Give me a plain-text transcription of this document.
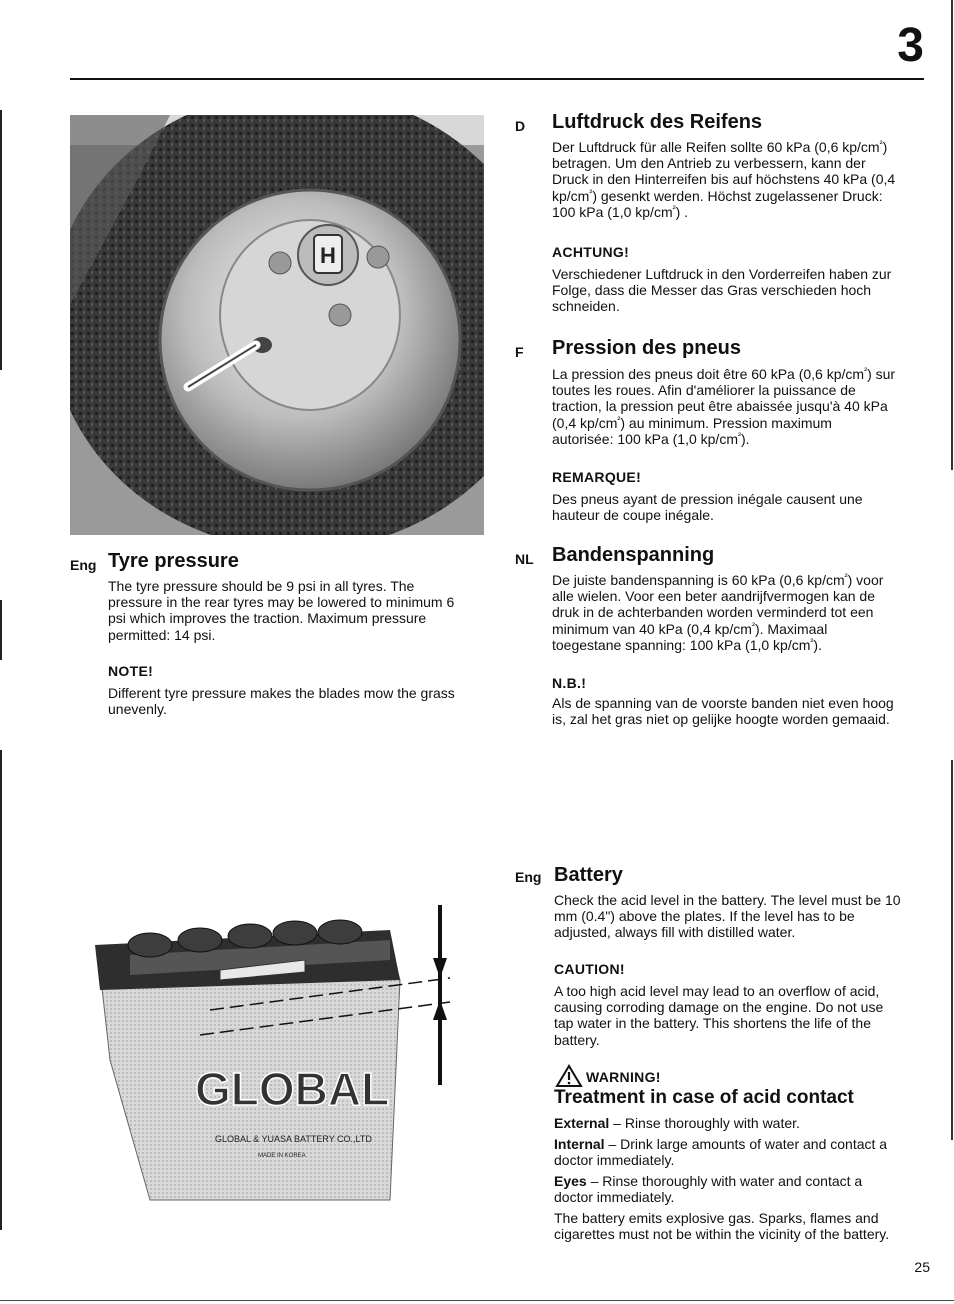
3
25
H
D Luftdruck des Reifens
Der Luftdruck für alle Reifen sollte 60 kPa (0,6 $kp/cm^{^2}$)
betragen. Um den Antrieb zu verbessern, kann der
Druck in den Hinterreifen bis auf höchstens 40 kPa (0,4
$kp/cm^{^2}$) gesenkt werden. Höchst zugelassener Druck:
100 kPa (1,0 $kp/cm^{^2}$) .
ACHTUNG!
Verschiedener Luftdruck in den Vorderreifen haben zur
Folge, dass die Messer das Gras verschieden hoch
schneiden.
F Pression des pneus
La pression des pneus doit être 60 kPa (0,6 $kp/cm^{^2}$) sur
toutes les roues. Afin d'améliorer la puissance de
traction, la pression peut être abaissée jusqu'à 40 kPa
(0,4 $kp/cm^{^2}$) au minimum. Pression maximum
autorisée: 100 kPa (1,0 $kp/cm^{^2}$).
REMARQUE!
Des pneus ayant de pression inégale causent une
hauteur de coupe inégale.
Eng Tyre pressure
The tyre pressure should be 9 psi in all tyres. The
pressure in the rear tyres may be lowered to minimum 6
psi which improves the traction. Maximum pressure
permitted: 14 psi.
NOTE!
Different tyre pressure makes the blades mow the grass
unevenly.
NL Bandenspanning
De juiste bandenspanning is 60 kPa (0,6 $kp/cm^{^2}$) voor
alle wielen. Voor een beter aandrijfvermogen kan de
druk in de achterbanden worden verminderd tot een
minimum van 40 kPa (0,4 $kp/cm^{^2}$). Maximaal
toegestane spanning: 100 kPa (1,0 $kp/cm^{^2}$).
N.B.!
Als de spanning van de voorste banden niet even hoog
is, zal het gras niet op gelijke hoogte worden gemaaid.
GLOBAL
GLOBAL & YUASA BATTERY CO.,LTD
MADE IN KOREA
Eng Battery
Check the acid level in the battery. The level must be 10
mm (0.4") above the plates. If the level has to be
adjusted, always fill with distilled water.
CAUTION!
A too high acid level may lead to an overflow of acid,
causing corroding damage on the engine. Do not use
tap water in the battery. This shortens the life of the
battery.
WARNING!
Treatment in case of acid contact
External – Rinse thoroughly with water.
Internal – Drink large amounts of water and contact a
doctor immediately.
Eyes – Rinse thoroughly with water and contact a
doctor immediately.
The battery emits explosive gas. Sparks, flames and
cigarettes must not be within the vicinity of the battery.
